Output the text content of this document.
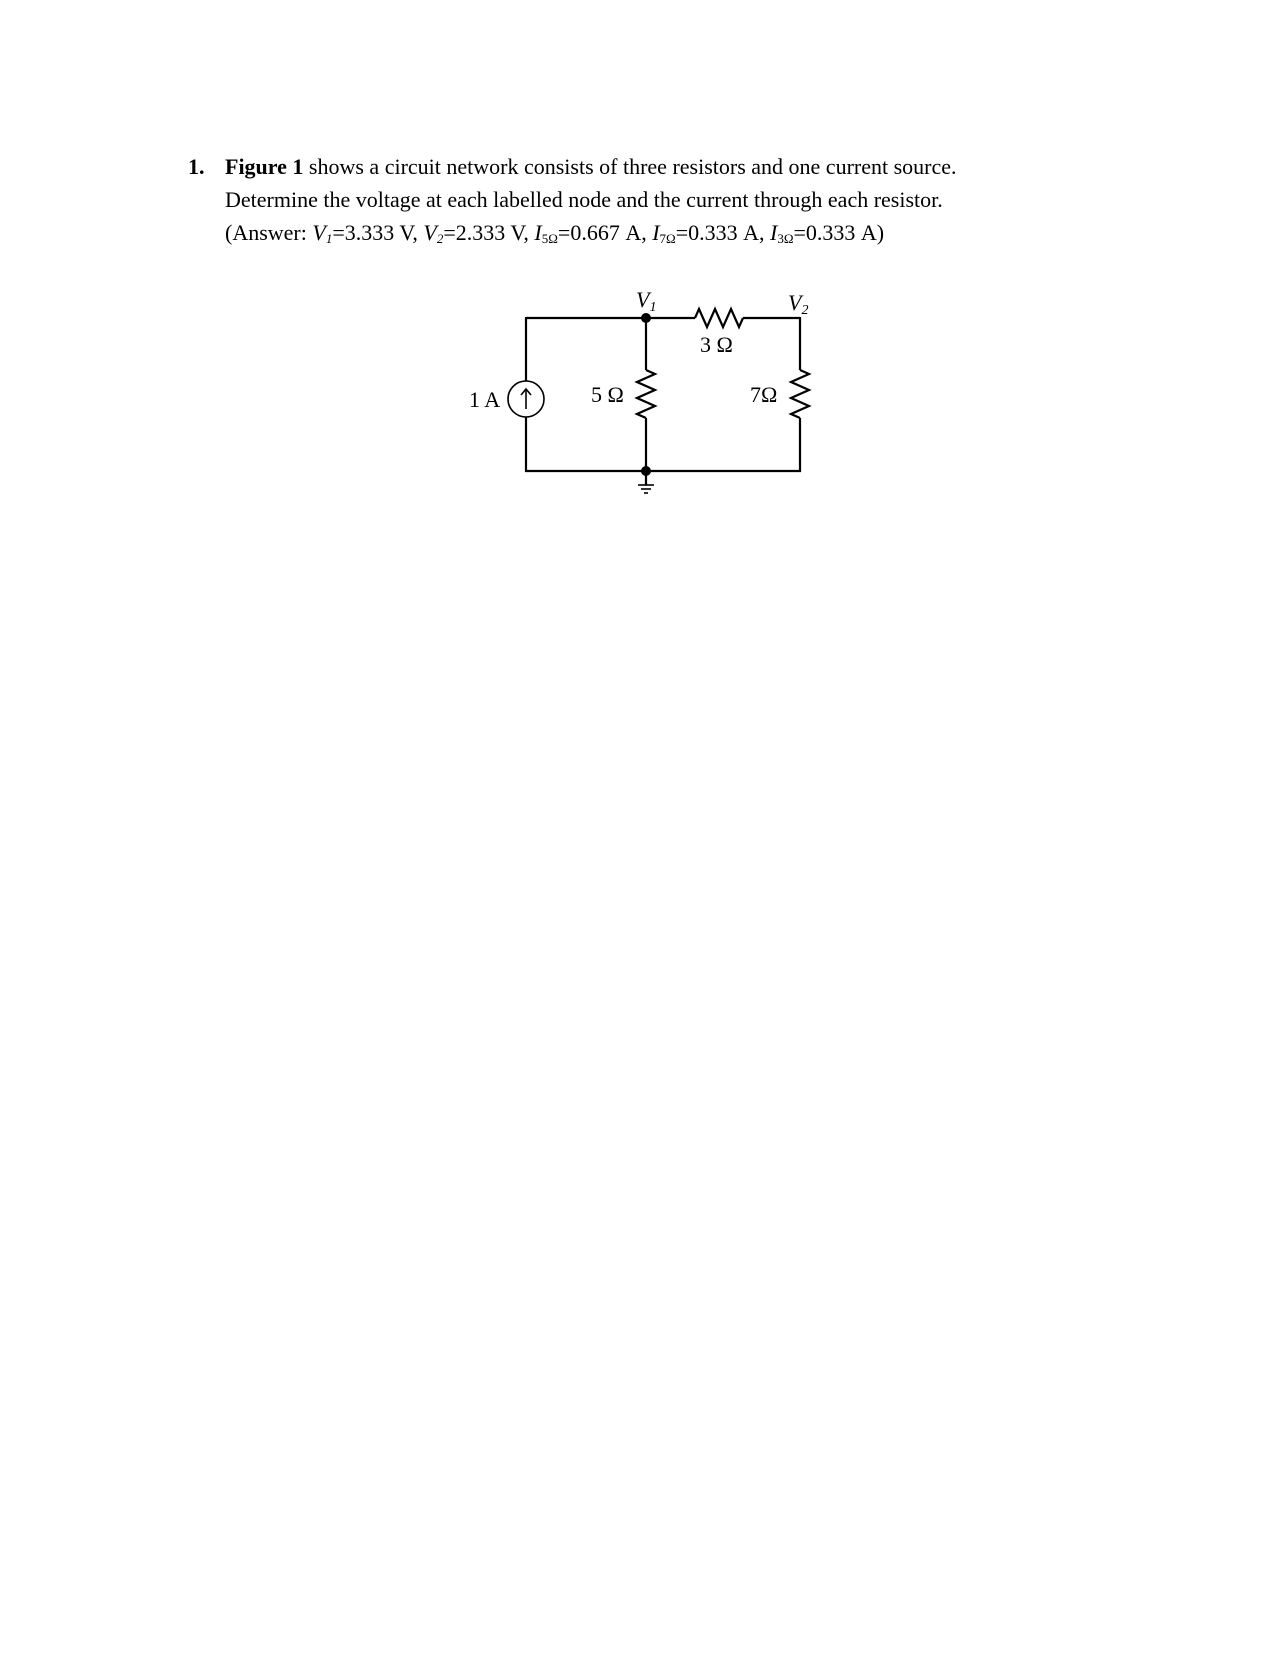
1. Figure 1 shows a circuit network consists of three resistors and one current source.
Determine the voltage at each labelled node and the current through each resistor.
(Answer: $V_1=3.333$ V, $V_2=2.333$ V, $I_{5\Omega}=0.667$ A, $I_{7\Omega}=0.333$ A, $I_{3\Omega}=0.333$ A)
V1	V2
3 Ω
5 Ω	7Ω
1 A
